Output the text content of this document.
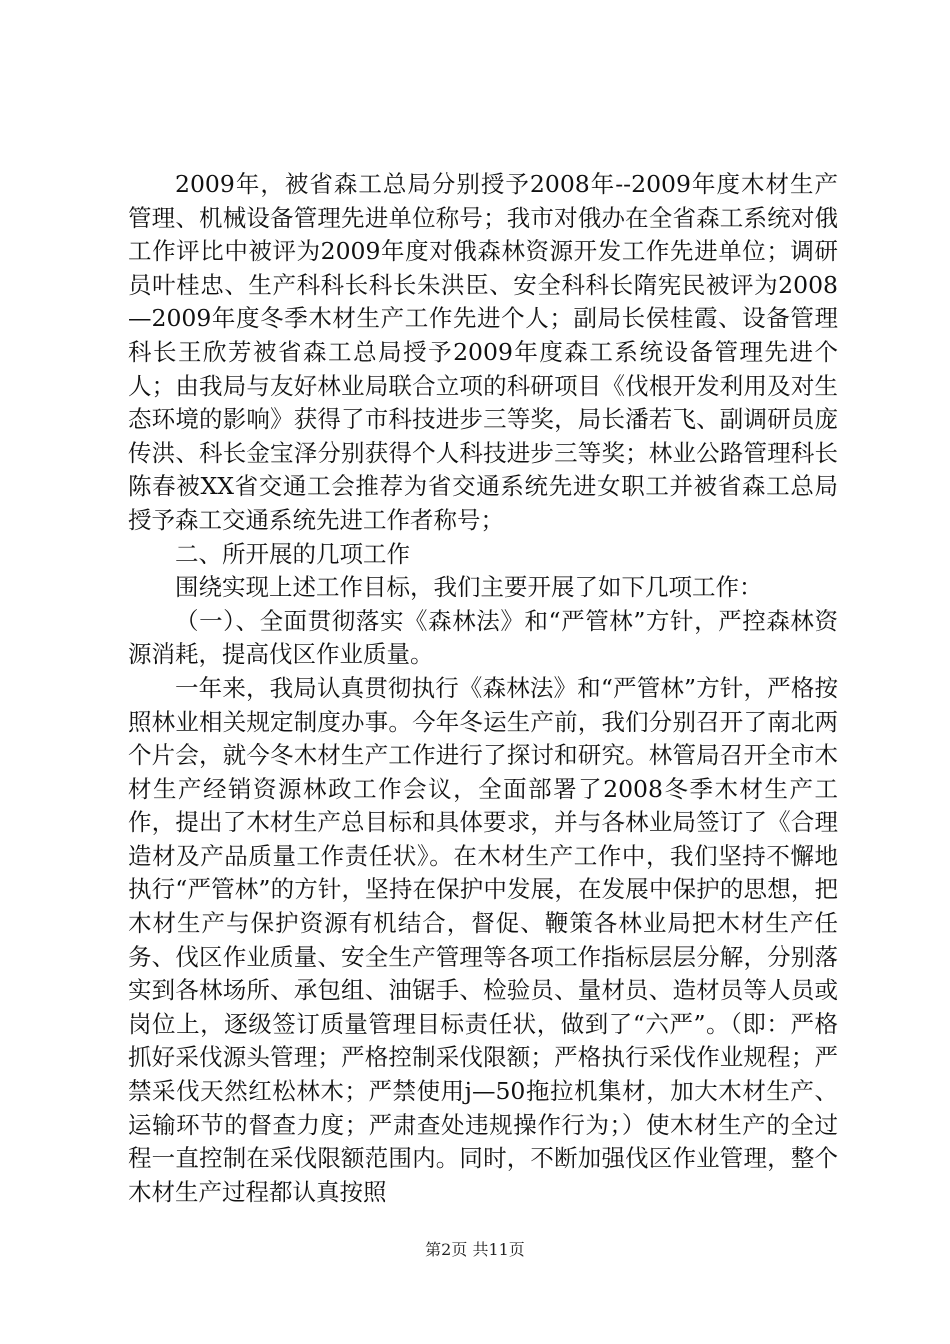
2009年，被省森工总局分别授予2008年--2009年度木材生产管理、机械设备管理先进单位称号；我市对俄办在全省森工系统对俄工作评比中被评为2009年度对俄森林资源开发工作先进单位；调研员叶桂忠、生产科科长科长朱洪臣、安全科科长隋宪民被评为2008—2009年度冬季木材生产工作先进个人；副局长侯桂霞、设备管理科长王欣芳被省森工总局授予2009年度森工系统设备管理先进个人；由我局与友好林业局联合立项的科研项目《伐根开发利用及对生态环境的影响》获得了市科技进步三等奖，局长潘若飞、副调研员庞传洪、科长金宝泽分别获得个人科技进步三等奖；林业公路管理科长陈春被XX省交通工会推荐为省交通系统先进女职工并被省森工总局授予森工交通系统先进工作者称号；

二、所开展的几项工作

围绕实现上述工作目标，我们主要开展了如下几项工作：

（一）、全面贯彻落实《森林法》和“严管林”方针，严控森林资源消耗，提高伐区作业质量。

一年来，我局认真贯彻执行《森林法》和“严管林”方针，严格按照林业相关规定制度办事。今年冬运生产前，我们分别召开了南北两个片会，就今冬木材生产工作进行了探讨和研究。林管局召开全市木材生产经销资源林政工作会议，全面部署了2008冬季木材生产工作，提出了木材生产总目标和具体要求，并与各林业局签订了《合理造材及产品质量工作责任状》。在木材生产工作中，我们坚持不懈地执行“严管林”的方针，坚持在保护中发展，在发展中保护的思想，把木材生产与保护资源有机结合，督促、鞭策各林业局把木材生产任务、伐区作业质量、安全生产管理等各项工作指标层层分解，分别落实到各林场所、承包组、油锯手、检验员、量材员、造材员等人员或岗位上，逐级签订质量管理目标责任状，做到了“六严”。（即：严格抓好采伐源头管理；严格控制采伐限额；严格执行采伐作业规程；严禁采伐天然红松林木；严禁使用j—50拖拉机集材，加大木材生产、运输环节的督查力度；严肃查处违规操作行为；）使木材生产的全过程一直控制在采伐限额范围内。同时，不断加强伐区作业管理，整个木材生产过程都认真按照

第2页 共11页
